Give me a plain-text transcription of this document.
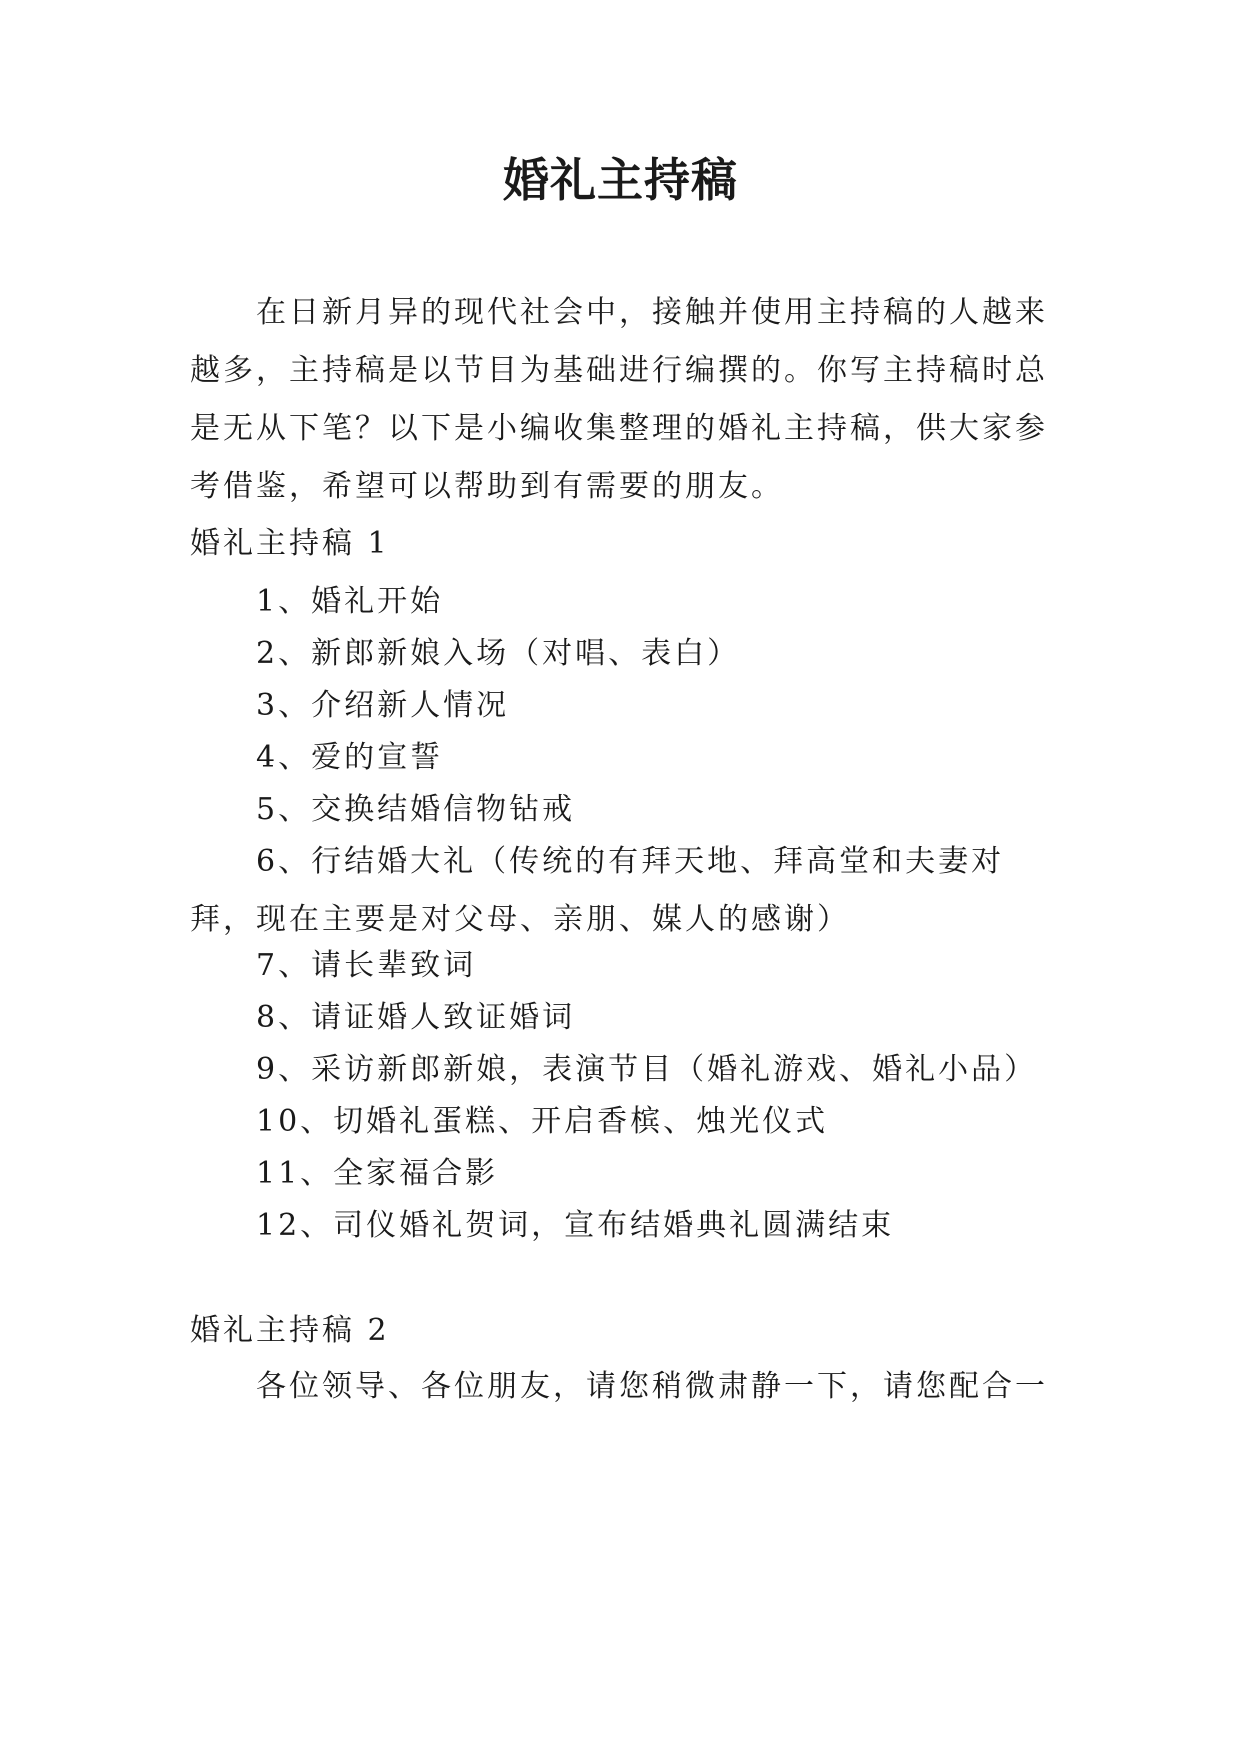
婚礼主持稿
在日新月异的现代社会中，接触并使用主持稿的人越来越多，主持稿是以节目为基础进行编撰的。你写主持稿时总是无从下笔？以下是小编收集整理的婚礼主持稿，供大家参考借鉴，希望可以帮助到有需要的朋友。
婚礼主持稿 1
1、婚礼开始
2、新郎新娘入场（对唱、表白）
3、介绍新人情况
4、爱的宣誓
5、交换结婚信物钻戒
6、行结婚大礼（传统的有拜天地、拜高堂和夫妻对拜，现在主要是对父母、亲朋、媒人的感谢）
7、请长辈致词
8、请证婚人致证婚词
9、采访新郎新娘，表演节目（婚礼游戏、婚礼小品）
10、切婚礼蛋糕、开启香槟、烛光仪式
11、全家福合影
12、司仪婚礼贺词，宣布结婚典礼圆满结束
婚礼主持稿 2
各位领导、各位朋友，请您稍微肃静一下，请您配合一
